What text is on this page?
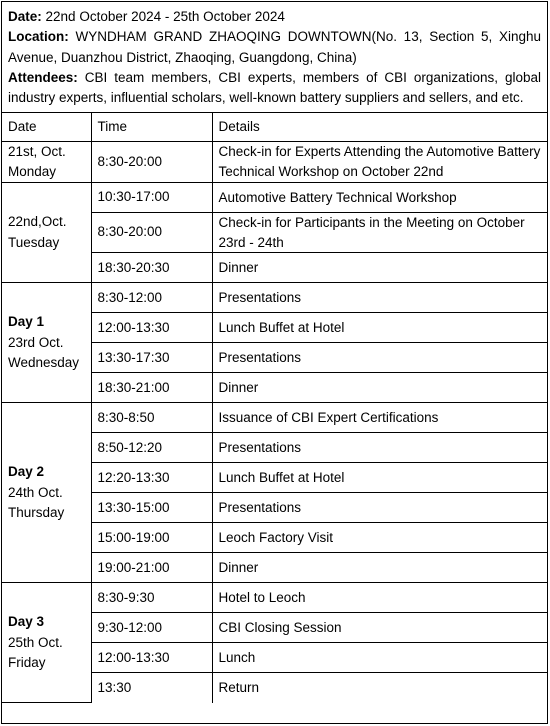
Date: 22nd October 2024 - 25th October 2024

Location: WYNDHAM GRAND ZHAOQING DOWNTOWN(No. 13, Section 5, Xinghu Avenue, Duanzhou District, Zhaoqing, Guangdong, China)

Attendees: CBI team members, CBI experts, members of CBI organizations, global industry experts, influential scholars, well-known battery suppliers and sellers, and etc.

Date	Time	Details

21st, Oct.
Monday	8:30-20:00	Check-in for Experts Attending the Automotive Battery Technical Workshop on October 22nd

22nd,Oct.
Tuesday	10:30-17:00	Automotive Battery Technical Workshop
	8:30-20:00	Check-in for Participants in the Meeting on October 23rd - 24th
	18:30-20:30	Dinner

Day 1
23rd Oct.
Wednesday	8:30-12:00	Presentations
	12:00-13:30	Lunch Buffet at Hotel
	13:30-17:30	Presentations
	18:30-21:00	Dinner

Day 2
24th Oct.
Thursday	8:30-8:50	Issuance of CBI Expert Certifications
	8:50-12:20	Presentations
	12:20-13:30	Lunch Buffet at Hotel
	13:30-15:00	Presentations
	15:00-19:00	Leoch Factory Visit
	19:00-21:00	Dinner

Day 3
25th Oct.
Friday	8:30-9:30	Hotel to Leoch
	9:30-12:00	CBI Closing Session
	12:00-13:30	Lunch
	13:30	Return
